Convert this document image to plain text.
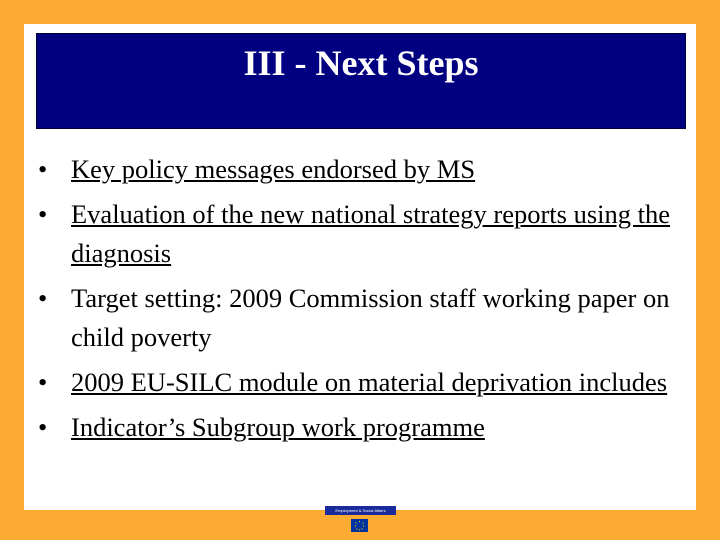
III - Next Steps
• Key policy messages endorsed by MS
• Evaluation of the new national strategy reports using the diagnosis
• Target setting: 2009 Commission staff working paper on child poverty
• 2009 EU-SILC module on material deprivation includes
• Indicator’s Subgroup work programme
Employment & Social Affairs
